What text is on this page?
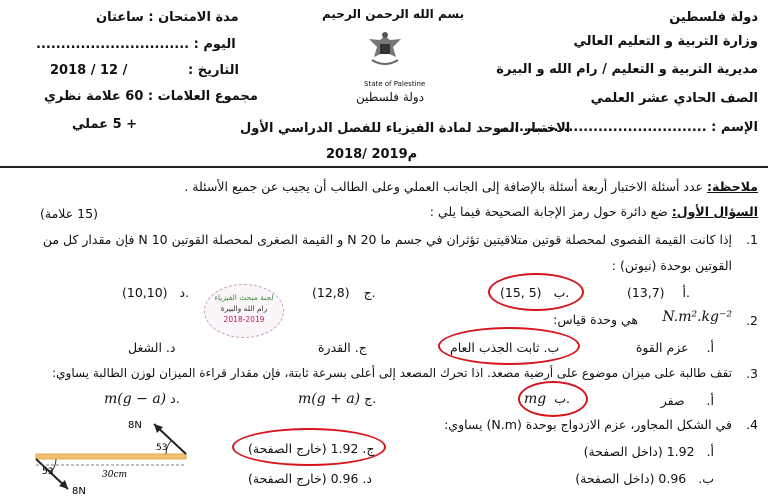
دولة فلسطين
وزارة التربية و التعليم العالي
مديرية التربية و التعليم / رام الله و البيرة
الصف الحادي عشر العلمي
الإسم : ..........................................
بسم الله الرحمن الرحيم
State of Palestine
دولة فلسطين
مدة الامتحان : ساعتان
اليوم : ...............................
التاريخ :
2018 / 12 /
مجموع العلامات : 60 علامة نظري
+ 5 عملي	الاختبار الموحد لمادة الفيزياء للفصل الدراسي الأول
2018/ 2019م
ملاحظة: عدد أسئلة الاختبار أربعة أسئلة بالإضافة إلى الجانب العملي وعلى الطالب أن يجيب عن جميع الأسئلة .
السؤال الأول: ضع دائرة حول رمز الإجابة الصحيحة فيما يلي :
(15 علامة)
.1
إذا كانت القيمة القصوى لمحصلة قوتين متلاقيتين تؤثران في جسم ما N 20 و القيمة الصغرى لمحصلة القوتين N 10 فإن مقدار كل من
القوتين بوحدة (نيوتن) :
(13,7) أ.
(15, 5) ب.
(12,8) ج.
(10,10) د.	لجنة مبحث الفيزياء
رام الله والبيرة
2018-2019	.2
N.m².kg⁻²
هي وحدة قياس:
أ. عزم القوة
ب. ثابت الجذب العام
ج. القدرة
د. الشغل
.3
تقف طالبة على ميزان موضوع على أرضية مصعد. اذا تحرك المصعد إلى أعلى بسرعة ثابتة، فإن مقدار قراءة الميزان لوزن الطالبة يساوي:
أ. صفر
mg ب.
m(g + a) ج.
m(g − a) د.
.4
في الشكل المجاور، عزم الازدواج بوحدة (N.m) يساوي:
أ. 1.92 (داخل الصفحة)
ج. 1.92 (خارج الصفحة)
ب. 0.96 (داخل الصفحة)
د. 0.96 (خارج الصفحة)
8N
53
30cm
53
8N
